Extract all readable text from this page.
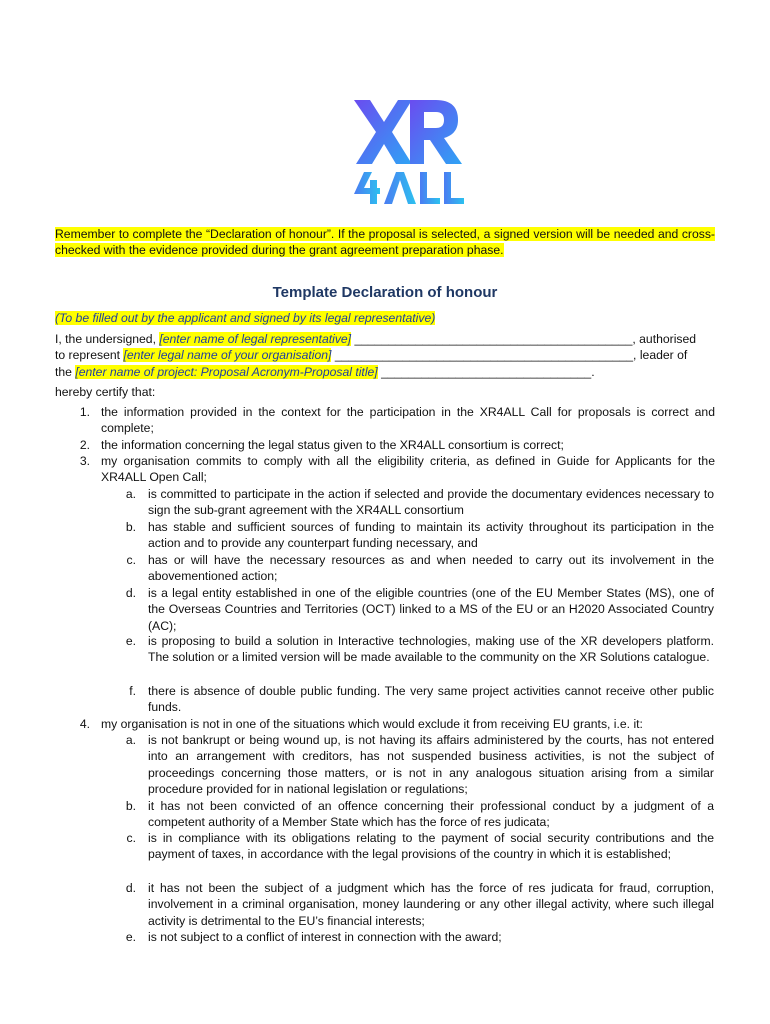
Remember to complete the “Declaration of honour”. If the proposal is selected, a signed version will be needed and cross-checked with the evidence provided during the grant agreement preparation phase.
Template Declaration of honour
(To be filled out by the applicant and signed by its legal representative)
I, the undersigned, [enter name of legal representative] _________________________________________, authorised
to represent [enter legal name of your organisation] ____________________________________________, leader of
the [enter name of project: Proposal Acronym-Proposal title] _______________________________.
hereby certify that:
1. the information provided in the context for the participation in the XR4ALL Call for proposals is correct and complete;
2. the information concerning the legal status given to the XR4ALL consortium is correct;
3. my organisation commits to comply with all the eligibility criteria, as defined in Guide for Applicants for the XR4ALL Open Call;
4. my organisation is not in one of the situations which would exclude it from receiving EU grants, i.e. it:
a. is committed to participate in the action if selected and provide the documentary evidences necessary to sign the sub-grant agreement with the XR4ALL consortium
b. has stable and sufficient sources of funding to maintain its activity throughout its participation in the action and to provide any counterpart funding necessary, and
c. has or will have the necessary resources as and when needed to carry out its involvement in the abovementioned action;
d. is a legal entity established in one of the eligible countries (one of the EU Member States (MS), one of the Overseas Countries and Territories (OCT) linked to a MS of the EU or an H2020 Associated Country (AC);
e. is proposing to build a solution in Interactive technologies, making use of the XR developers platform. The solution or a limited version will be made available to the community on the XR Solutions catalogue.
f. there is absence of double public funding. The very same project activities cannot receive other public funds.
a. is not bankrupt or being wound up, is not having its affairs administered by the courts, has not entered into an arrangement with creditors, has not suspended business activities, is not the subject of proceedings concerning those matters, or is not in any analogous situation arising from a similar procedure provided for in national legislation or regulations;
b. it has not been convicted of an offence concerning their professional conduct by a judgment of a competent authority of a Member State which has the force of res judicata;
c. is in compliance with its obligations relating to the payment of social security contributions and the payment of taxes, in accordance with the legal provisions of the country in which it is established;
d. it has not been the subject of a judgment which has the force of res judicata for fraud, corruption, involvement in a criminal organisation, money laundering or any other illegal activity, where such illegal activity is detrimental to the EU’s financial interests;
e. is not subject to a conflict of interest in connection with the award;
